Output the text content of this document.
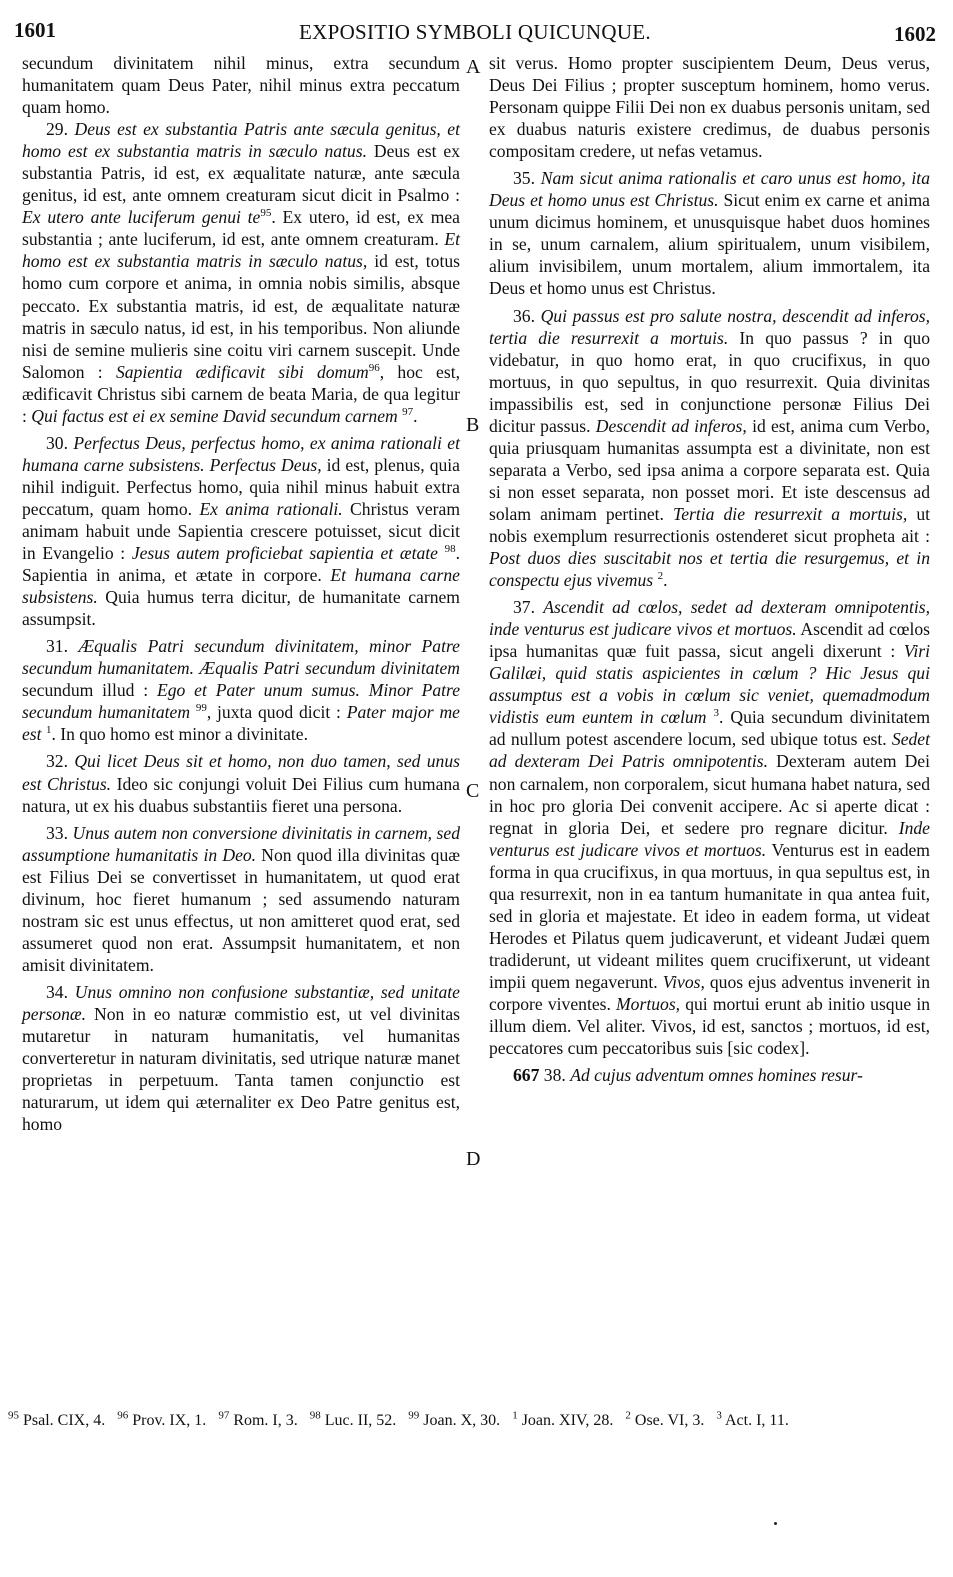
1601	EXPOSITIO SYMBOLI QUICUNQUE.	1602
A
B
C
D

secundum divinitatem nihil minus, extra secundum humanitatem quam Deus Pater, nihil minus extra peccatum quam homo.

29. Deus est ex substantia Patris ante sæcula genitus, et homo est ex substantia matris in sæculo natus. Deus est ex substantia Patris, id est, ex æqualitate naturæ, ante sæcula genitus, id est, ante omnem creaturam sicut dicit in Psalmo : Ex utero ante luciferum genui te$^{95}$. Ex utero, id est, ex mea substantia ; ante luciferum, id est, ante omnem creaturam. Et homo est ex substantia matris in sæculo natus, id est, totus homo cum corpore et anima, in omnia nobis similis, absque peccato. Ex substantia matris, id est, de æqualitate naturæ matris in sæculo natus, id est, in his temporibus. Non aliunde nisi de semine mulieris sine coitu viri carnem suscepit. Unde Salomon : Sapientia ædificavit sibi domum$^{96}$, hoc est, ædificavit Christus sibi carnem de beata Maria, de qua legitur : Qui factus est ei ex semine David secundum carnem $^{97}$.

30. Perfectus Deus, perfectus homo, ex anima rationali et humana carne subsistens. Perfectus Deus, id est, plenus, quia nihil indiguit. Perfectus homo, quia nihil minus habuit extra peccatum, quam homo. Ex anima rationali. Christus veram animam habuit unde Sapientia crescere potuisset, sicut dicit in Evangelio : Jesus autem proficiebat sapientia et ætate $^{98}$. Sapientia in anima, et ætate in corpore. Et humana carne subsistens. Quia humus terra dicitur, de humanitate carnem assumpsit.

31. Æqualis Patri secundum divinitatem, minor Patre secundum humanitatem. Æqualis Patri secundum divinitatem secundum illud : Ego et Pater unum sumus. Minor Patre secundum humanitatem $^{99}$, juxta quod dicit : Pater major me est $^1$. In quo homo est minor a divinitate.

32. Qui licet Deus sit et homo, non duo tamen, sed unus est Christus. Ideo sic conjungi voluit Dei Filius cum humana natura, ut ex his duabus substantiis fieret una persona.

33. Unus autem non conversione divinitatis in carnem, sed assumptione humanitatis in Deo. Non quod illa divinitas quæ est Filius Dei se convertisset in humanitatem, ut quod erat divinum, hoc fieret humanum ; sed assumendo naturam nostram sic est unus effectus, ut non amitteret quod erat, sed assumeret quod non erat. Assumpsit humanitatem, et non amisit divinitatem.

34. Unus omnino non confusione substantiæ, sed unitate personæ. Non in eo naturæ commistio est, ut vel divinitas mutaretur in naturam humanitatis, vel humanitas converteretur in naturam divinitatis, sed utrique naturæ manet proprietas in perpetuum. Tanta tamen conjunctio est naturarum, ut idem qui æternaliter ex Deo Patre genitus est, homo

sit verus. Homo propter suscipientem Deum, Deus verus, Deus Dei Filius ; propter susceptum hominem, homo verus. Personam quippe Filii Dei non ex duabus personis unitam, sed ex duabus naturis existere credimus, de duabus personis compositam credere, ut nefas vetamus.

35. Nam sicut anima rationalis et caro unus est homo, ita Deus et homo unus est Christus. Sicut enim ex carne et anima unum dicimus hominem, et unusquisque habet duos homines in se, unum carnalem, alium spiritualem, unum visibilem, alium invisibilem, unum mortalem, alium immortalem, ita Deus et homo unus est Christus.

36. Qui passus est pro salute nostra, descendit ad inferos, tertia die resurrexit a mortuis. In quo passus ? in quo videbatur, in quo homo erat, in quo crucifixus, in quo mortuus, in quo sepultus, in quo resurrexit. Quia divinitas impassibilis est, sed in conjunctione personæ Filius Dei dicitur passus. Descendit ad inferos, id est, anima cum Verbo, quia priusquam humanitas assumpta est a divinitate, non est separata a Verbo, sed ipsa anima a corpore separata est. Quia si non esset separata, non posset mori. Et iste descensus ad solam animam pertinet. Tertia die resurrexit a mortuis, ut nobis exemplum resurrectionis ostenderet sicut propheta ait : Post duos dies suscitabit nos et tertia die resurgemus, et in conspectu ejus vivemus $^2$.

37. Ascendit ad cœlos, sedet ad dexteram omnipotentis, inde venturus est judicare vivos et mortuos. Ascendit ad cœlos ipsa humanitas quæ fuit passa, sicut angeli dixerunt : Viri Galilæi, quid statis aspicientes in cœlum ? Hic Jesus qui assumptus est a vobis in cœlum sic veniet, quemadmodum vidistis eum euntem in cœlum $^3$. Quia secundum divinitatem ad nullum potest ascendere locum, sed ubique totus est. Sedet ad dexteram Dei Patris omnipotentis. Dexteram autem Dei non carnalem, non corporalem, sicut humana habet natura, sed in hoc pro gloria Dei convenit accipere. Ac si aperte dicat : regnat in gloria Dei, et sedere pro regnare dicitur. Inde venturus est judicare vivos et mortuos. Venturus est in eadem forma in qua crucifixus, in qua mortuus, in qua sepultus est, in qua resurrexit, non in ea tantum humanitate in qua antea fuit, sed in gloria et majestate. Et ideo in eadem forma, ut videat Herodes et Pilatus quem judicaverunt, et videant Judæi quem tradiderunt, ut videant milites quem crucifixerunt, ut videant impii quem negaverunt. Vivos, quos ejus adventus invenerit in corpore viventes. Mortuos, qui mortui erunt ab initio usque in illum diem. Vel aliter. Vivos, id est, sanctos ; mortuos, id est, peccatores cum peccatoribus suis [sic codex].

667 38. Ad cujus adventum omnes homines resur-

$^{95}$ Psal. CIX, 4. $^{96}$ Prov. IX, 1. $^{97}$ Rom. I, 3. $^{98}$ Luc. II, 52. $^{99}$ Joan. X, 30. $^1$ Joan. XIV, 28. $^2$ Ose. VI, 3. $^3$ Act. I, 11.
